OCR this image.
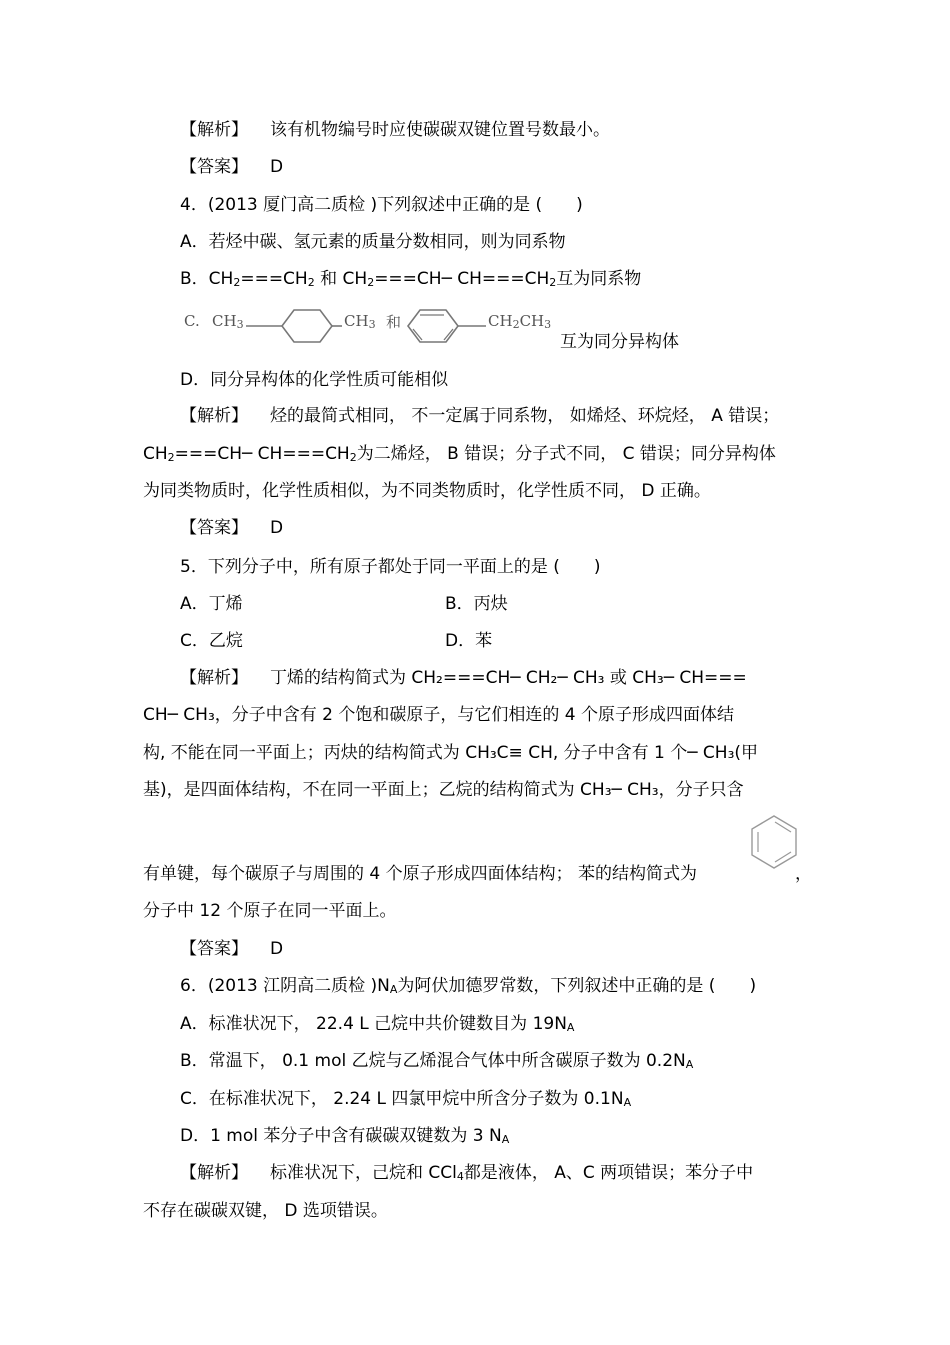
【解析】 该有机物编号时应使碳碳双键位置号数最小。
【答案】 D
4．(2013 厦门高二质检 )下列叙述中正确的是 (　　)
A．若烃中碳、氢元素的质量分数相同，则为同系物
B．$CH_2===CH_2$ 和 $CH_2===CH─$ $CH===CH_2$互为同系物
C. $CH_3$	$CH_3$ 和	$CH_2CH_3$
互为同分异构体
D．同分异构体的化学性质可能相似
【解析】 烃的最简式相同， 不一定属于同系物， 如烯烃、环烷烃， A 错误；
$CH_2===CH─$ $CH===CH_2$为二烯烃， B 错误；分子式不同， C 错误；同分异构体
为同类物质时，化学性质相似，为不同类物质时，化学性质不同， D 正确。
【答案】 D
5．下列分子中，所有原子都处于同一平面上的是 (　　)
A．丁烯	B．丙炔
C．乙烷	D．苯
【解析】 丁烯的结构简式为 CH₂===CH─ CH₂─ CH₃ 或 CH₃─ CH===
CH─ CH₃，分子中含有 2 个饱和碳原子，与它们相连的 4 个原子形成四面体结
构, 不能在同一平面上；丙炔的结构简式为 CH₃C≡ CH, 分子中含有 1 个─ CH₃(甲
基)，是四面体结构，不在同一平面上；乙烷的结构简式为 CH₃─ CH₃，分子只含
有单键，每个碳原子与周围的 4 个原子形成四面体结构； 苯的结构简式为	，
分子中 12 个原子在同一平面上。
【答案】 D
6．(2013 江阴高二质检 )$N_A$为阿伏加德罗常数，下列叙述中正确的是 (　　)
A．标准状况下， 22.4 L 己烷中共价键数目为 $19N_A$
B．常温下， 0.1 mol 乙烷与乙烯混合气体中所含碳原子数为 $0.2N_A$
C．在标准状况下， 2.24 L 四氯甲烷中所含分子数为 $0.1N_A$
D．1 mol 苯分子中含有碳碳双键数为 3 $N_A$
【解析】 标准状况下，己烷和 CCl$_4$都是液体， A、C 两项错误；苯分子中
不存在碳碳双键， D 选项错误。
